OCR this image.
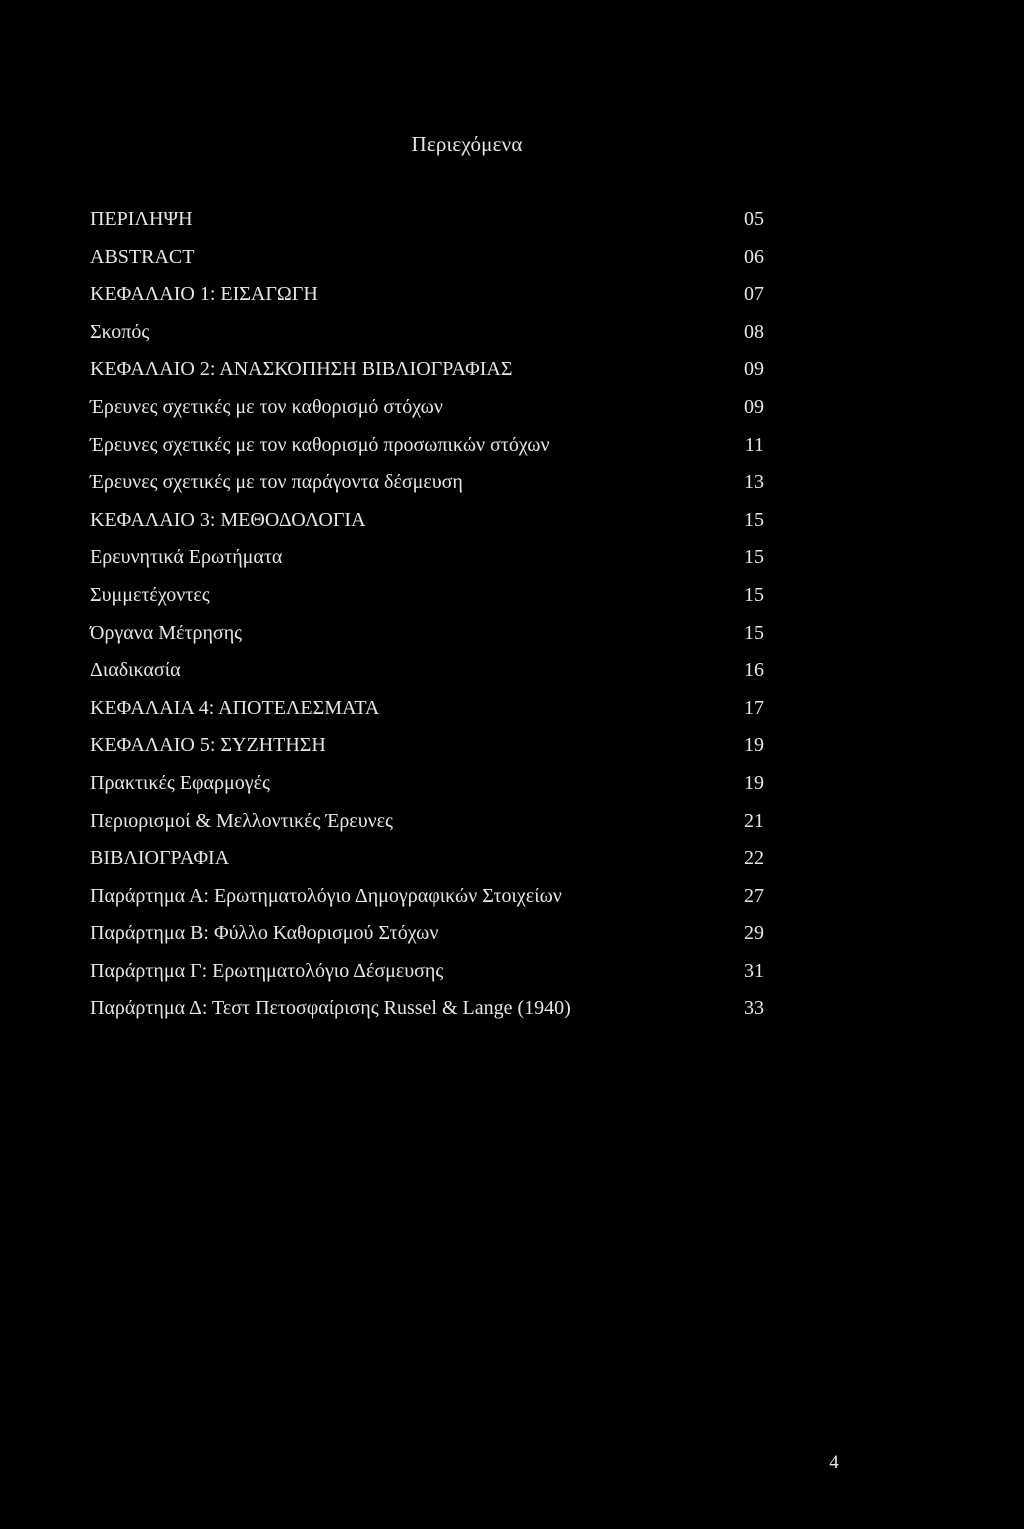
Περιεχόμενα
ΠΕΡΙΛΗΨΗ	05
ABSTRACT	06
ΚΕΦΑΛΑΙΟ 1: ΕΙΣΑΓΩΓΗ	07
Σκοπός	08
ΚΕΦΑΛΑΙΟ 2: ΑΝΑΣΚΟΠΗΣΗ ΒΙΒΛΙΟΓΡΑΦΙΑΣ	09
Έρευνες σχετικές με τον καθορισμό στόχων	09
Έρευνες σχετικές με τον καθορισμό προσωπικών στόχων	11
Έρευνες σχετικές με τον παράγοντα δέσμευση	13
ΚΕΦΑΛΑΙΟ 3: ΜΕΘΟΔΟΛΟΓΙΑ	15
Ερευνητικά Ερωτήματα	15
Συμμετέχοντες	15
Όργανα Μέτρησης	15
Διαδικασία	16
ΚΕΦΑΛΑΙΑ 4: ΑΠΟΤΕΛΕΣΜΑΤΑ	17
ΚΕΦΑΛΑΙΟ 5: ΣΥΖΗΤΗΣΗ	19
Πρακτικές Εφαρμογές	19
Περιορισμοί & Μελλοντικές Έρευνες	21
ΒΙΒΛΙΟΓΡΑΦΙΑ	22
Παράρτημα Α: Ερωτηματολόγιο Δημογραφικών Στοιχείων	27
Παράρτημα Β: Φύλλο Καθορισμού Στόχων	29
Παράρτημα Γ: Ερωτηματολόγιο Δέσμευσης	31
Παράρτημα Δ: Τεστ Πετοσφαίρισης Russel & Lange (1940)	33
4
